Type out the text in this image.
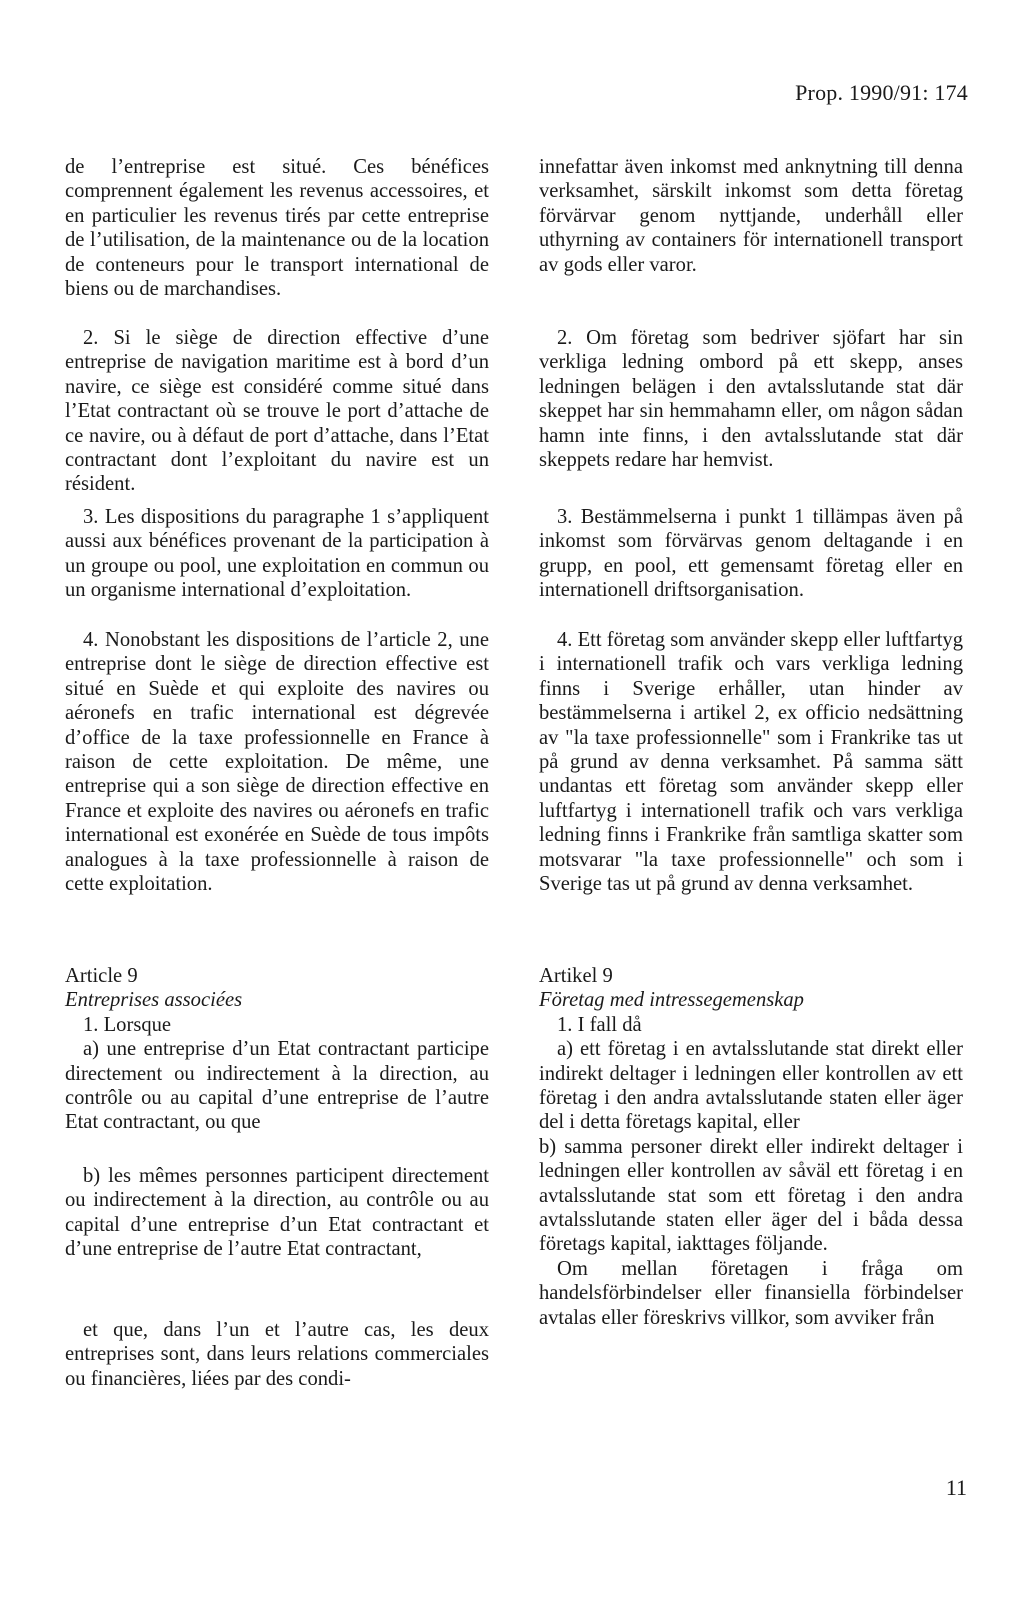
Prop. 1990/91: 174

de l’entreprise est situé. Ces bénéfices comprennent également les revenus accessoires, et en particulier les revenus tirés par cette entreprise de l’utilisation, de la maintenance ou de la location de conteneurs pour le transport international de biens ou de marchandises.

2. Si le siège de direction effective d’une entreprise de navigation maritime est à bord d’un navire, ce siège est considéré comme situé dans l’Etat contractant où se trouve le port d’attache de ce navire, ou à défaut de port d’attache, dans l’Etat contractant dont l’exploitant du navire est un résident.

3. Les dispositions du paragraphe 1 s’appliquent aussi aux bénéfices provenant de la participation à un groupe ou pool, une exploitation en commun ou un organisme international d’exploitation.

4. Nonobstant les dispositions de l’article 2, une entreprise dont le siège de direction effective est situé en Suède et qui exploite des navires ou aéronefs en trafic international est dégrevée d’office de la taxe professionnelle en France à raison de cette exploitation. De même, une entreprise qui a son siège de direction effective en France et exploite des navires ou aéronefs en trafic international est exonérée en Suède de tous impôts analogues à la taxe professionnelle à raison de cette exploitation.

Article 9

Entreprises associées

1. Lorsque

a) une entreprise d’un Etat contractant participe directement ou indirectement à la direction, au contrôle ou au capital d’une entreprise de l’autre Etat contractant, ou que

b) les mêmes personnes participent directement ou indirectement à la direction, au contrôle ou au capital d’une entreprise d’un Etat contractant et d’une entreprise de l’autre Etat contractant,

et que, dans l’un et l’autre cas, les deux entreprises sont, dans leurs relations commerciales ou financières, liées par des condi-

innefattar även inkomst med anknytning till denna verksamhet, särskilt inkomst som detta företag förvärvar genom nyttjande, underhåll eller uthyrning av containers för internationell transport av gods eller varor.

2. Om företag som bedriver sjöfart har sin verkliga ledning ombord på ett skepp, anses ledningen belägen i den avtalsslutande stat där skeppet har sin hemmahamn eller, om någon sådan hamn inte finns, i den avtalsslutande stat där skeppets redare har hemvist.

3. Bestämmelserna i punkt 1 tillämpas även på inkomst som förvärvas genom deltagande i en grupp, en pool, ett gemensamt företag eller en internationell driftsorganisation.

4. Ett företag som använder skepp eller luftfartyg i internationell trafik och vars verkliga ledning finns i Sverige erhåller, utan hinder av bestämmelserna i artikel 2, ex officio nedsättning av "la taxe professionnelle" som i Frankrike tas ut på grund av denna verksamhet. På samma sätt undantas ett företag som använder skepp eller luftfartyg i internationell trafik och vars verkliga ledning finns i Frankrike från samtliga skatter som motsvarar "la taxe professionnelle" och som i Sverige tas ut på grund av denna verksamhet.

Artikel 9

Företag med intressegemenskap

1. I fall då

a) ett företag i en avtalsslutande stat direkt eller indirekt deltager i ledningen eller kontrollen av ett företag i den andra avtalsslutande staten eller äger del i detta företags kapital, eller

b) samma personer direkt eller indirekt deltager i ledningen eller kontrollen av såväl ett företag i en avtalsslutande stat som ett företag i den andra avtalsslutande staten eller äger del i båda dessa företags kapital, iakttages följande.

Om mellan företagen i fråga om handelsförbindelser eller finansiella förbindelser avtalas eller föreskrivs villkor, som avviker från

11
